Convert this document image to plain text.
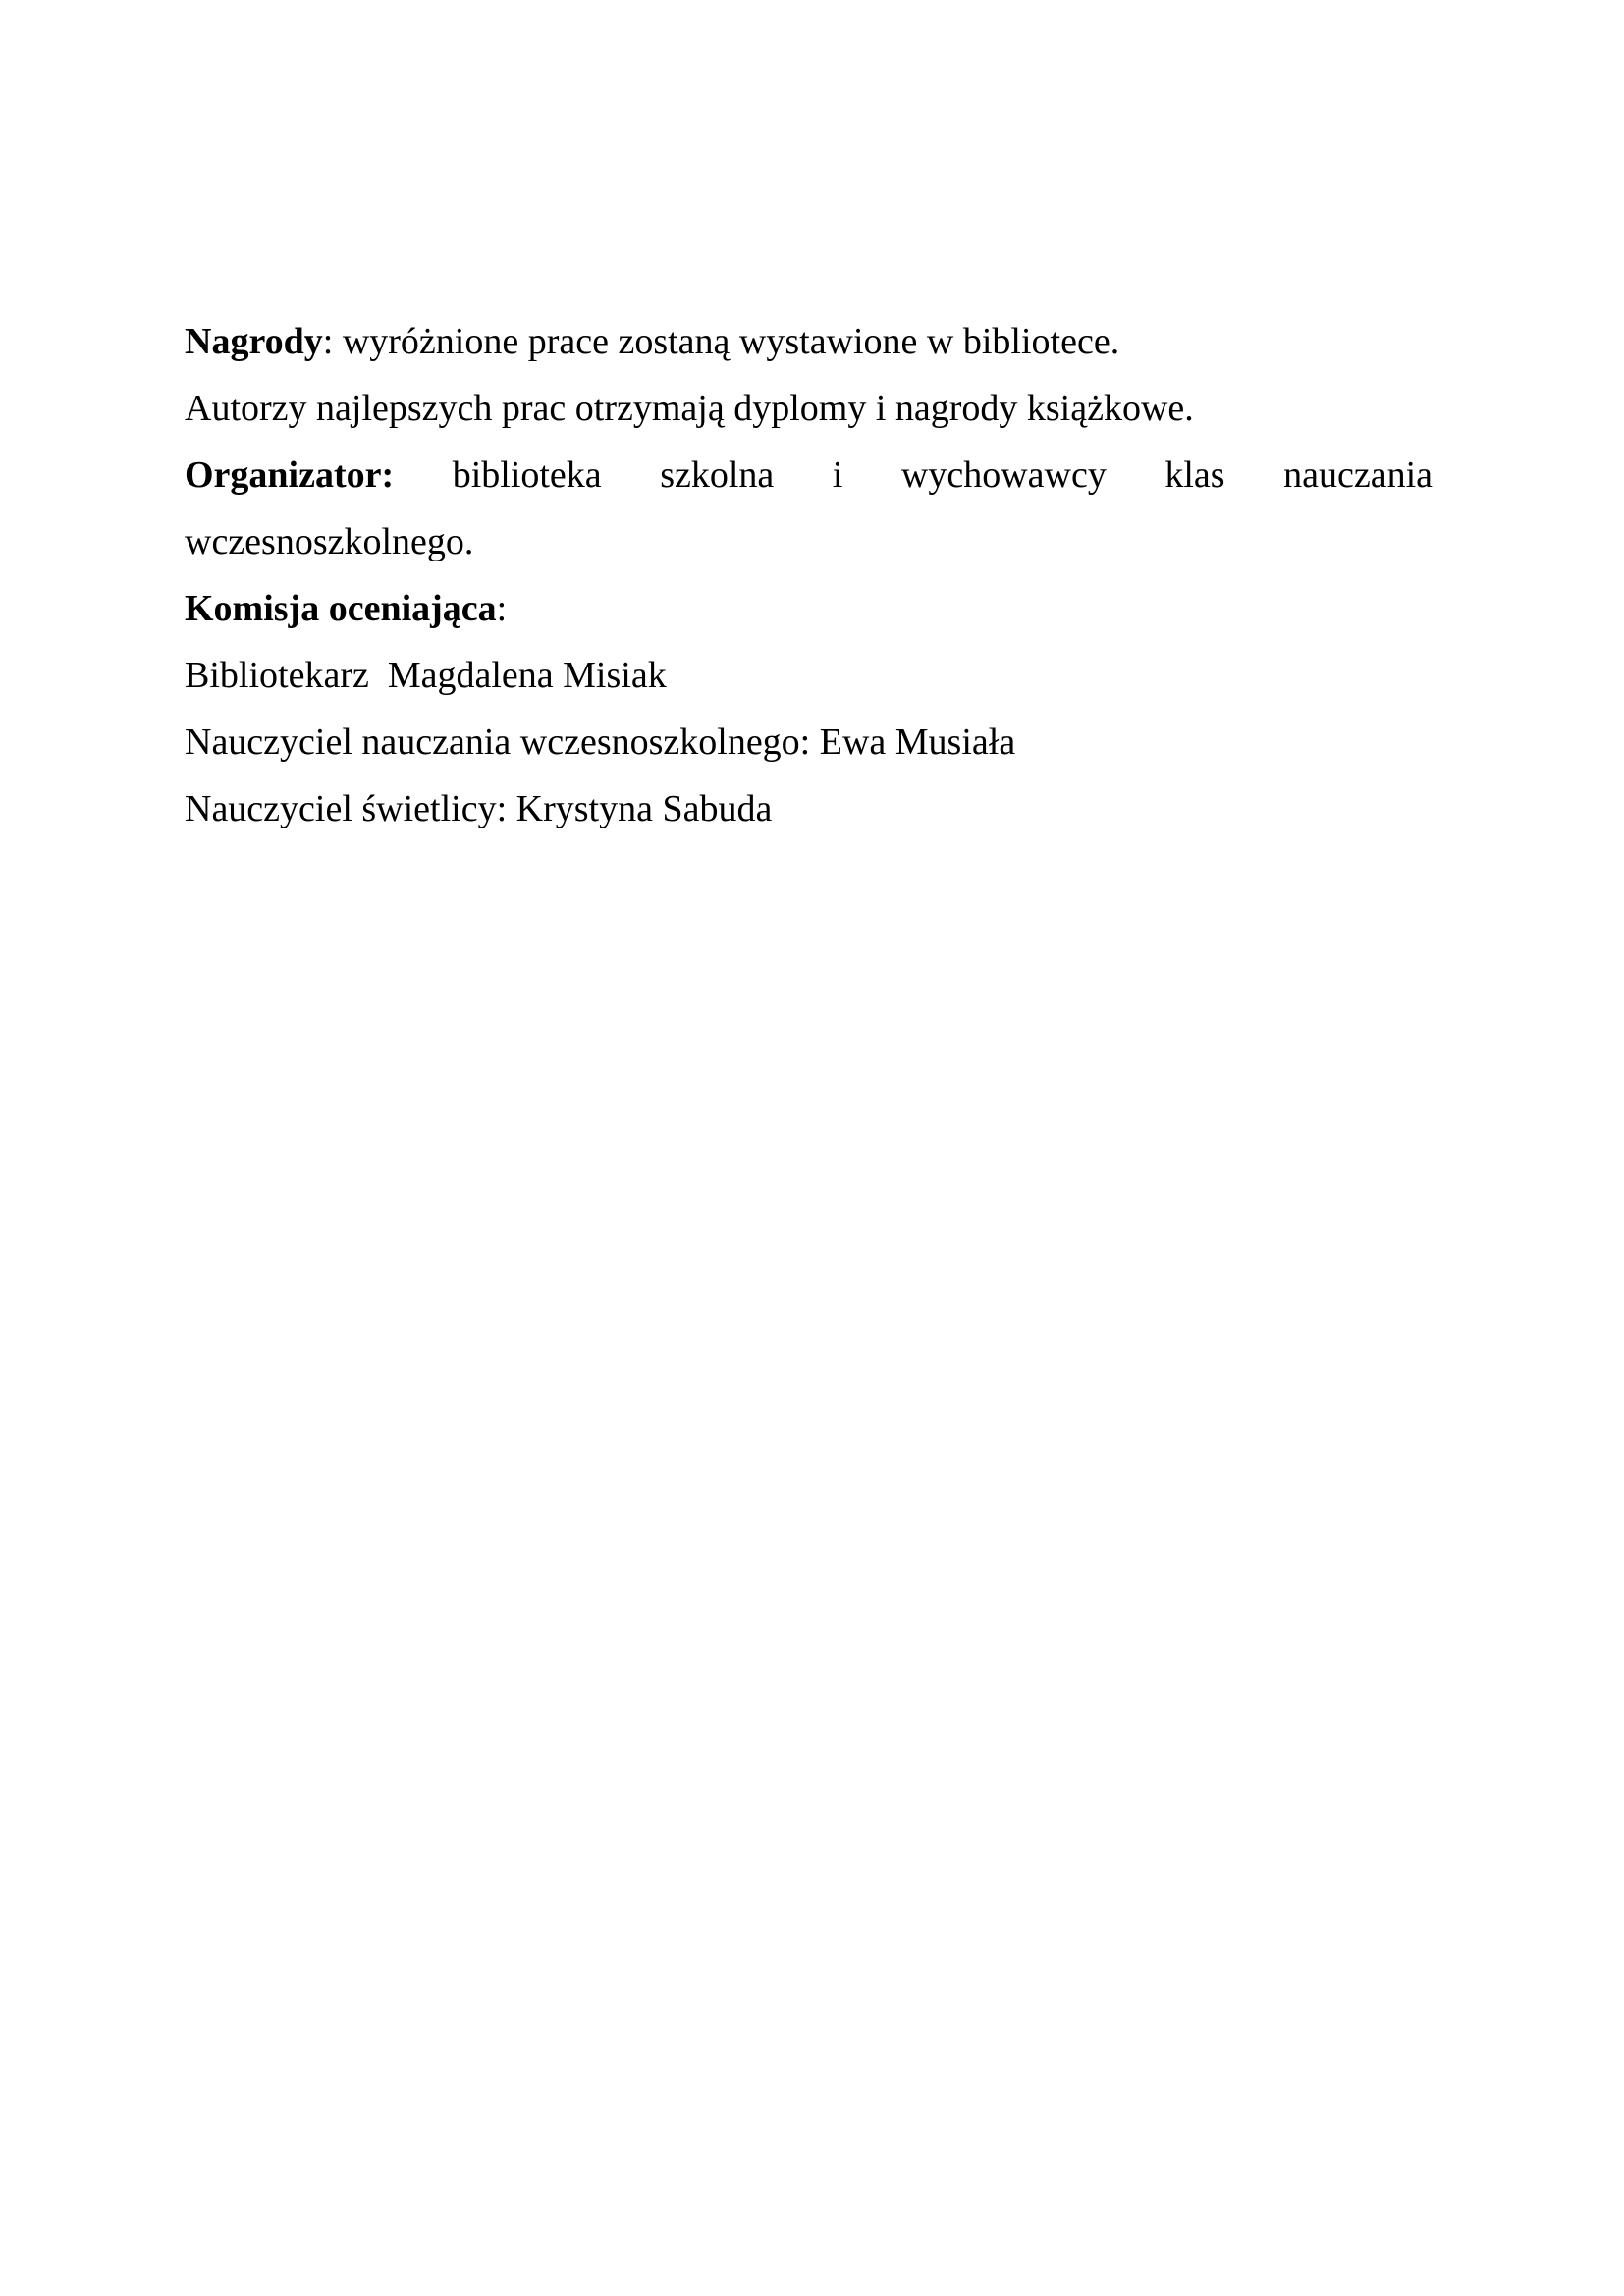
Nagrody: wyróżnione prace zostaną wystawione w bibliotece.

Autorzy najlepszych prac otrzymają dyplomy i nagrody książkowe.

Organizator: biblioteka szkolna i wychowawcy klas nauczania

wczesnoszkolnego.

Komisja oceniająca:

Bibliotekarz  Magdalena Misiak

Nauczyciel nauczania wczesnoszkolnego: Ewa Musiała

Nauczyciel świetlicy: Krystyna Sabuda
